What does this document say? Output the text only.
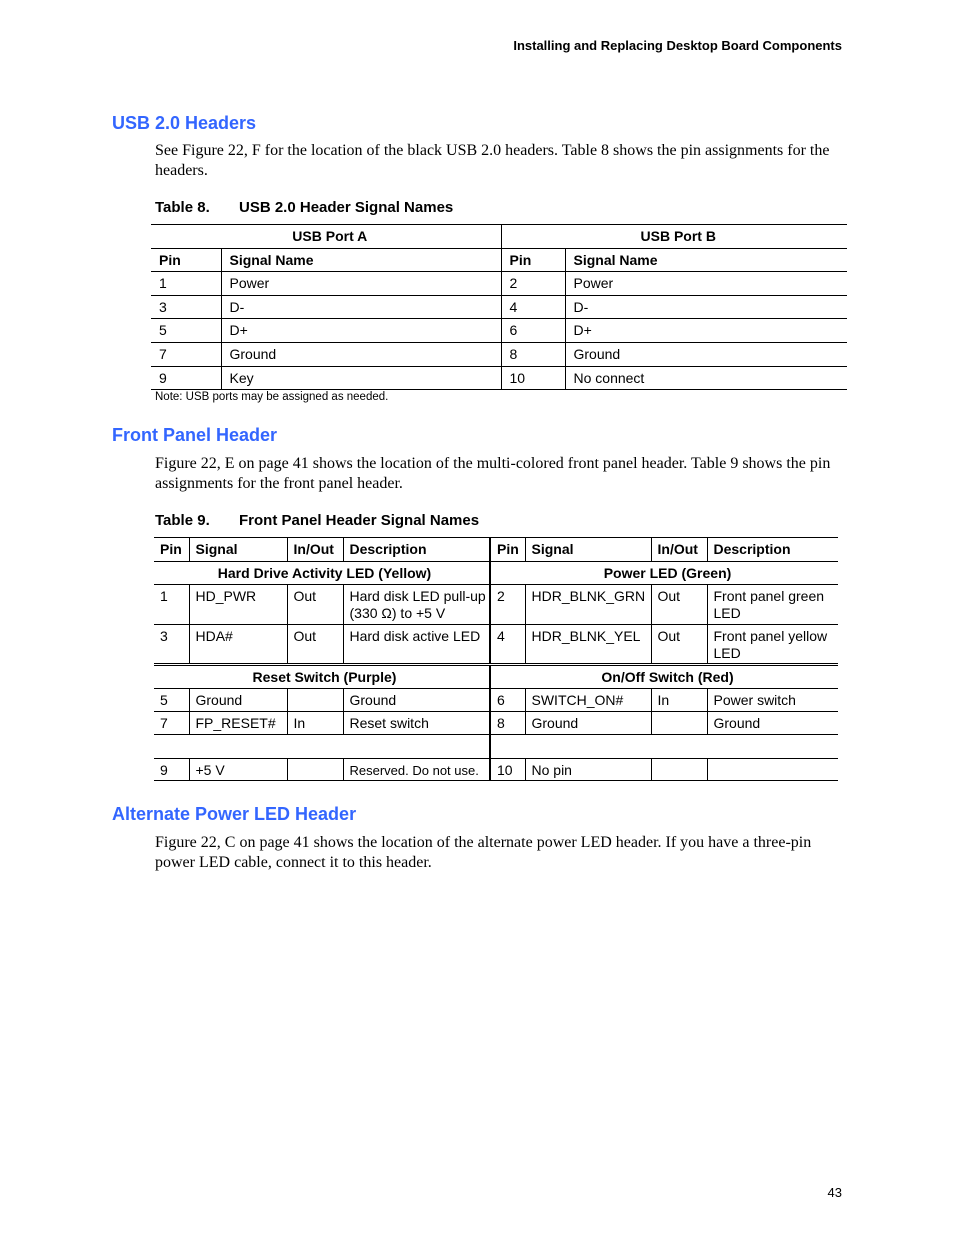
Installing and Replacing Desktop Board Components
USB 2.0 Headers
See Figure 22, F for the location of the black USB 2.0 headers. Table 8 shows the pin assignments for the headers.
Table 8. USB 2.0 Header Signal Names
USB Port A		USB Port B	
Pin	Signal Name	Pin	Signal Name
1	Power	2	Power
3	D-	4	D-
5	D+	6	D+
7	Ground	8	Ground
9	Key	10	No connect
Note: USB ports may be assigned as needed.
Front Panel Header
Figure 22, E on page 41 shows the location of the multi-colored front panel header. Table 9 shows the pin assignments for the front panel header.
Table 9. Front Panel Header Signal Names
Pin	Signal	In/Out	Description	Pin	Signal	In/Out	Description
Hard Drive Activity LED (Yellow)				Power LED (Green)			
1	HD_PWR	Out	Hard disk LED pull-up (330 Ω) to +5 V	2	HDR_BLNK_GRN	Out	Front panel green LED
3	HDA#	Out	Hard disk active LED	4	HDR_BLNK_YEL	Out	Front panel yellow LED
Reset Switch (Purple)				On/Off Switch (Red)			
5	Ground		Ground	6	SWITCH_ON#	In	Power switch
7	FP_RESET#	In	Reset switch	8	Ground		Ground

9	+5 V		Reserved. Do not use.	10	No pin		
Alternate Power LED Header
Figure 22, C on page 41 shows the location of the alternate power LED header. If you have a three-pin power LED cable, connect it to this header.
43
